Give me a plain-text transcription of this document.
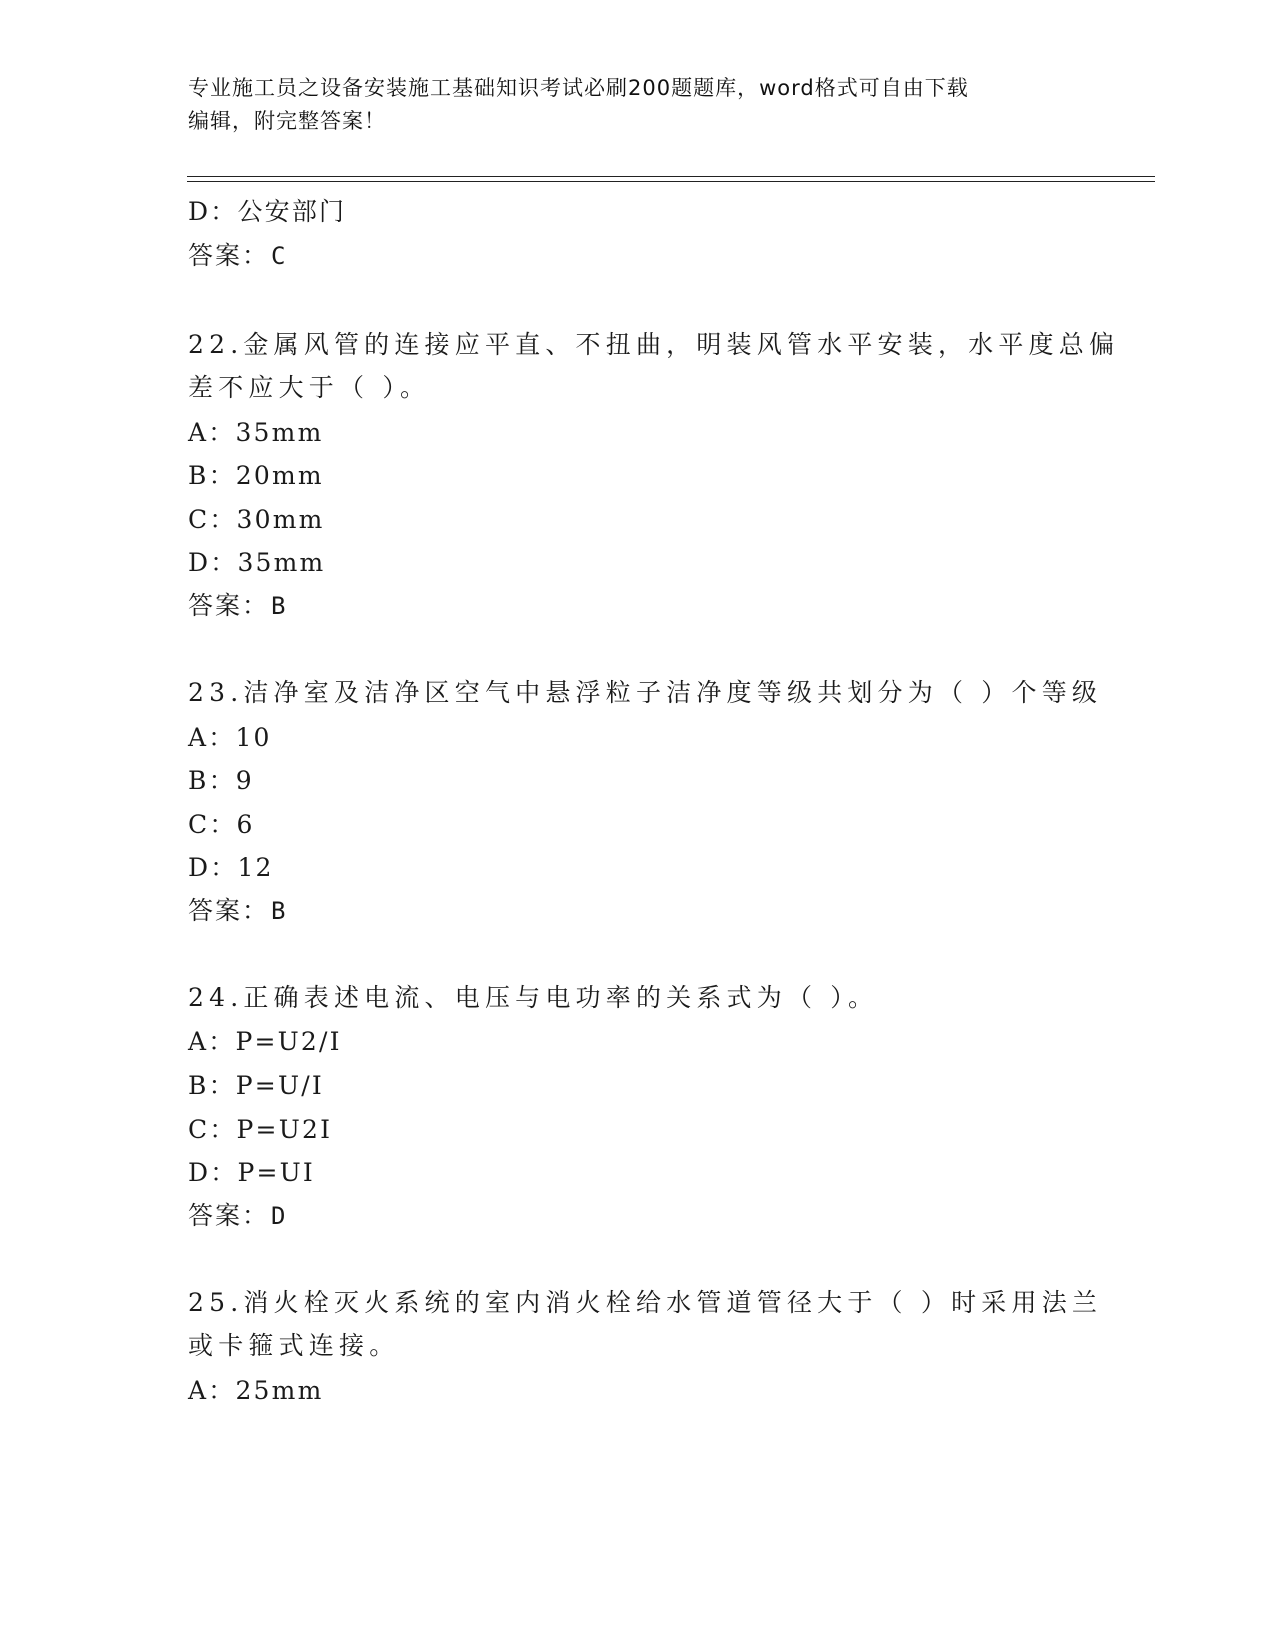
专业施工员之设备安装施工基础知识考试必刷200题题库，word格式可自由下载
编辑，附完整答案！
D：公安部门
答案：C
22.金属风管的连接应平直、不扭曲，明装风管水平安装，水平度总偏
差不应大于（ ）。
A：35mm
B：20mm
C：30mm
D：35mm
答案：B
23.洁净室及洁净区空气中悬浮粒子洁净度等级共划分为（ ）个等级
A：10
B：9
C：6
D：12
答案：B
24.正确表述电流、电压与电功率的关系式为（ ）。
A：P=U2/I
B：P=U/I
C：P=U2I
D：P=UI
答案：D
25.消火栓灭火系统的室内消火栓给水管道管径大于（ ）时采用法兰
或卡箍式连接。
A：25mm
